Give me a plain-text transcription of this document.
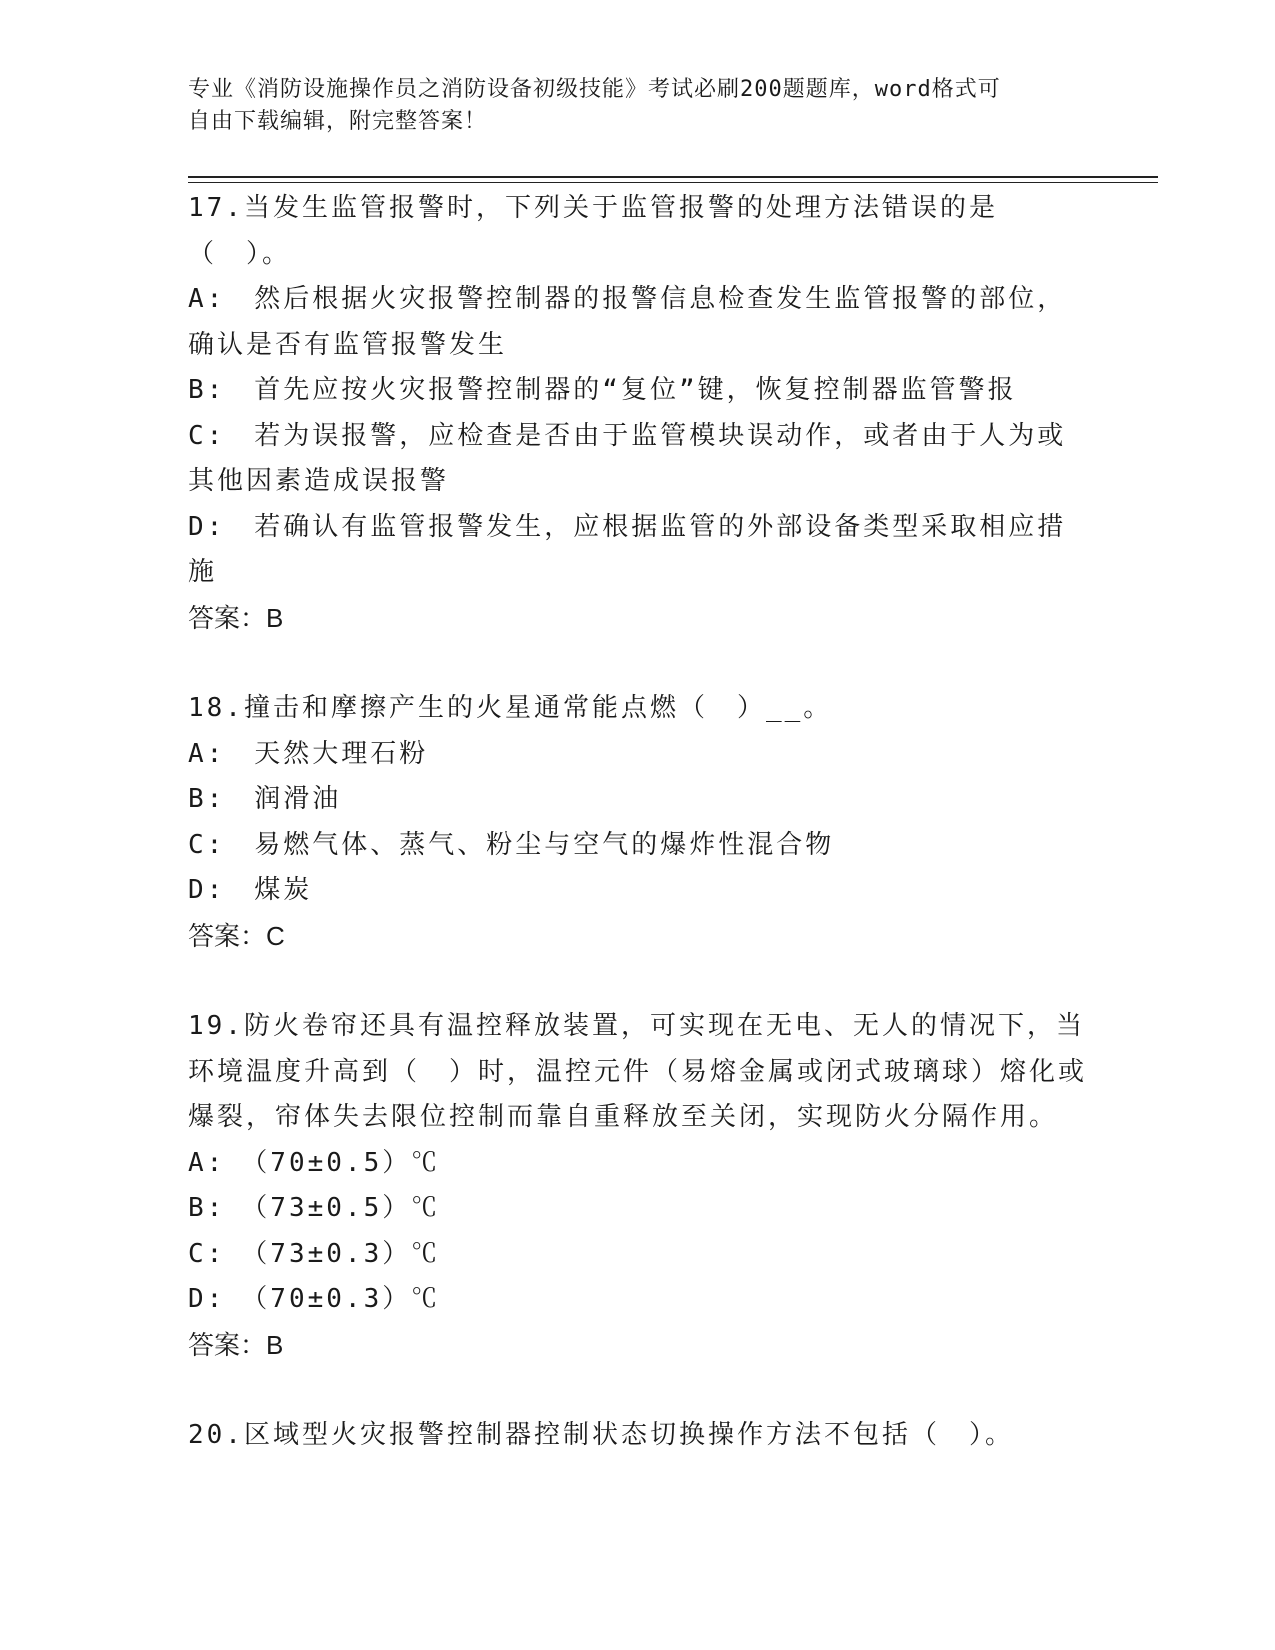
专业《消防设施操作员之消防设备初级技能》考试必刷200题题库，word格式可
自由下载编辑，附完整答案！

17.当发生监管报警时，下列关于监管报警的处理方法错误的是（　）。

A:　然后根据火灾报警控制器的报警信息检查发生监管报警的部位，确认是否有监管报警发生

B:　首先应按火灾报警控制器的“复位”键，恢复控制器监管警报

C:　若为误报警，应检查是否由于监管模块误动作，或者由于人为或其他因素造成误报警

D:　若确认有监管报警发生，应根据监管的外部设备类型采取相应措施

答案：B

18.撞击和摩擦产生的火星通常能点燃（　）__。

A:　天然大理石粉

B:　润滑油

C:　易燃气体、蒸气、粉尘与空气的爆炸性混合物

D:　煤炭

答案：C

19.防火卷帘还具有温控释放装置，可实现在无电、无人的情况下，当环境温度升高到（　）时，温控元件（易熔金属或闭式玻璃球）熔化或爆裂，帘体失去限位控制而靠自重释放至关闭，实现防火分隔作用。

A:　（70±0.5）℃

B:　（73±0.5）℃

C:　（73±0.3）℃

D:　（70±0.3）℃

答案：B

20.区域型火灾报警控制器控制状态切换操作方法不包括（　）。
